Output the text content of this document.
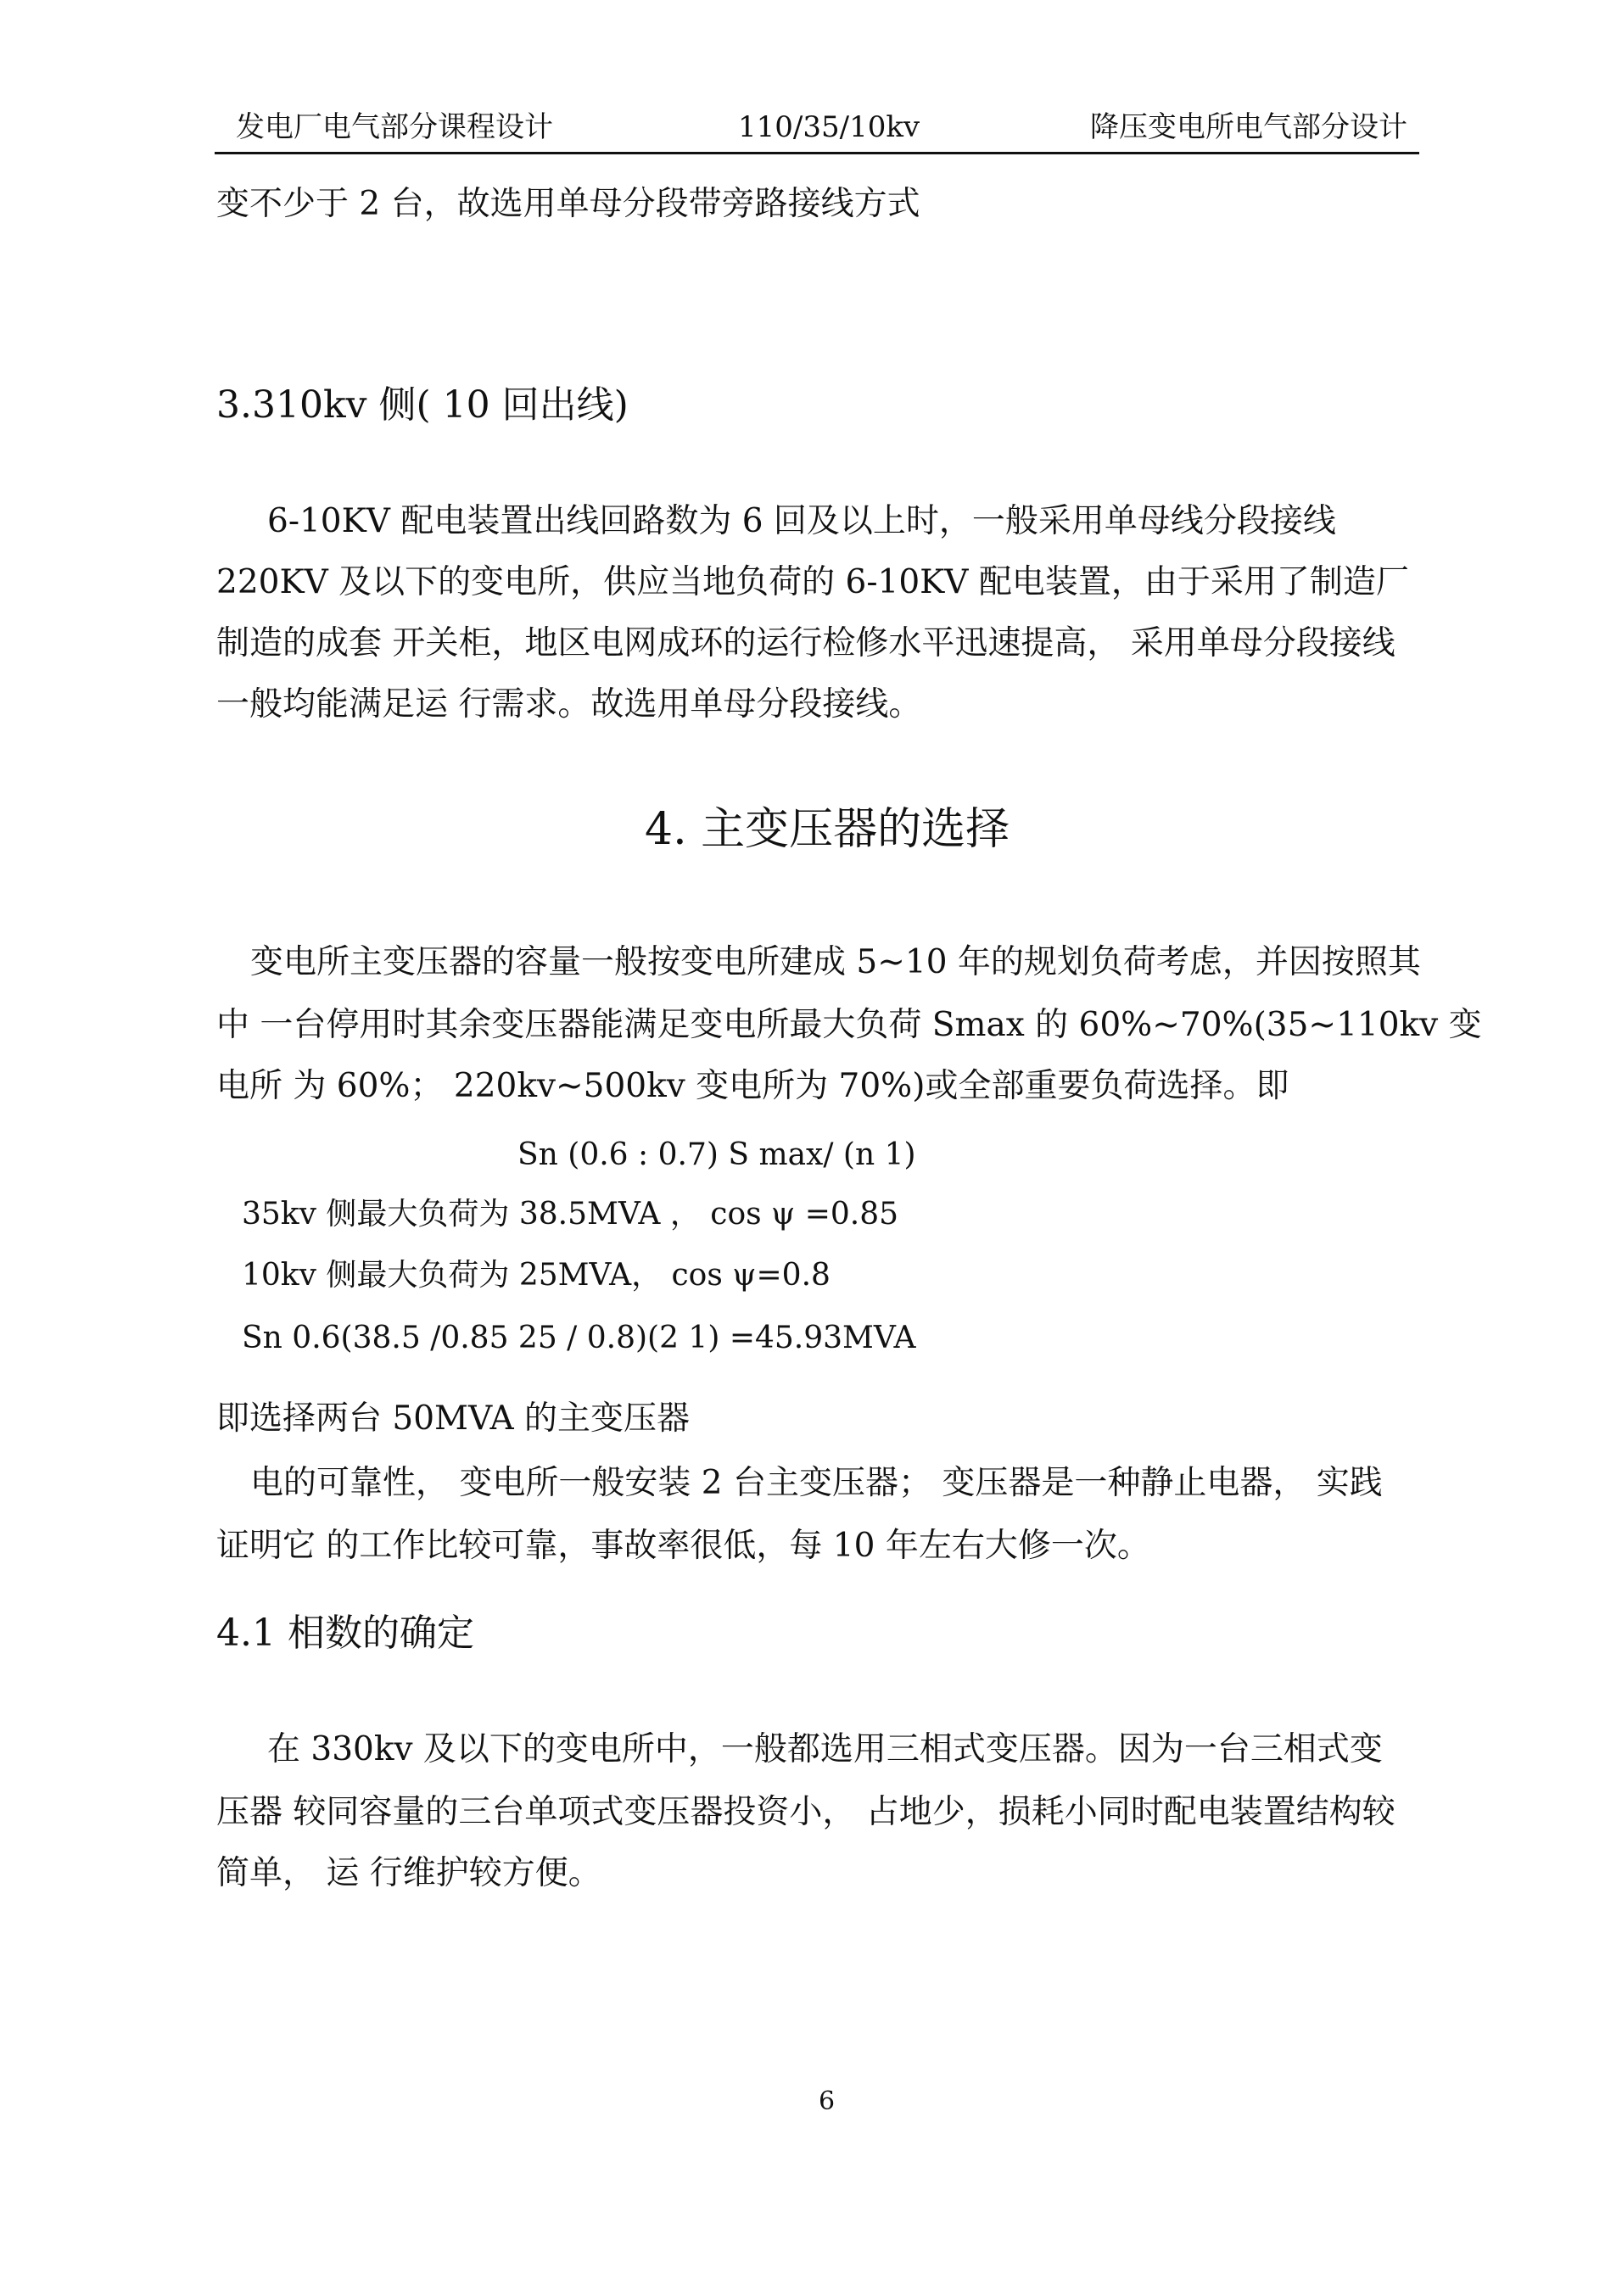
发电厂电气部分课程设计	110/35/10kv	降压变电所电气部分设计
变不少于 2 台，故选用单母分段带旁路接线方式
3.310kv 侧( 10 回出线)
6-10KV 配电装置出线回路数为 6 回及以上时，一般采用单母线分段接线
220KV 及以下的变电所，供应当地负荷的 6-10KV 配电装置，由于采用了制造厂
制造的成套 开关柜，地区电网成环的运行检修水平迅速提高， 采用单母分段接线
一般均能满足运 行需求。故选用单母分段接线。
4. 主变压器的选择
变电所主变压器的容量一般按变电所建成 5~10 年的规划负荷考虑，并因按照其
中 一台停用时其余变压器能满足变电所最大负荷 Smax 的 60%~70%(35~110kv 变
电所 为 60%； 220kv~500kv 变电所为 70%)或全部重要负荷选择。即
Sn (0.6 : 0.7) S max/ (n 1)
35kv 侧最大负荷为 38.5MVA ， cos ψ =0.85
10kv 侧最大负荷为 25MVA， cos ψ=0.8
Sn 0.6(38.5 /0.85 25 / 0.8)(2 1) =45.93MVA
即选择两台 50MVA 的主变压器
电的可靠性， 变电所一般安装 2 台主变压器； 变压器是一种静止电器， 实践
证明它 的工作比较可靠，事故率很低，每 10 年左右大修一次。
4.1 相数的确定
在 330kv 及以下的变电所中，一般都选用三相式变压器。因为一台三相式变
压器 较同容量的三台单项式变压器投资小， 占地少，损耗小同时配电装置结构较
简单， 运 行维护较方便。
6
